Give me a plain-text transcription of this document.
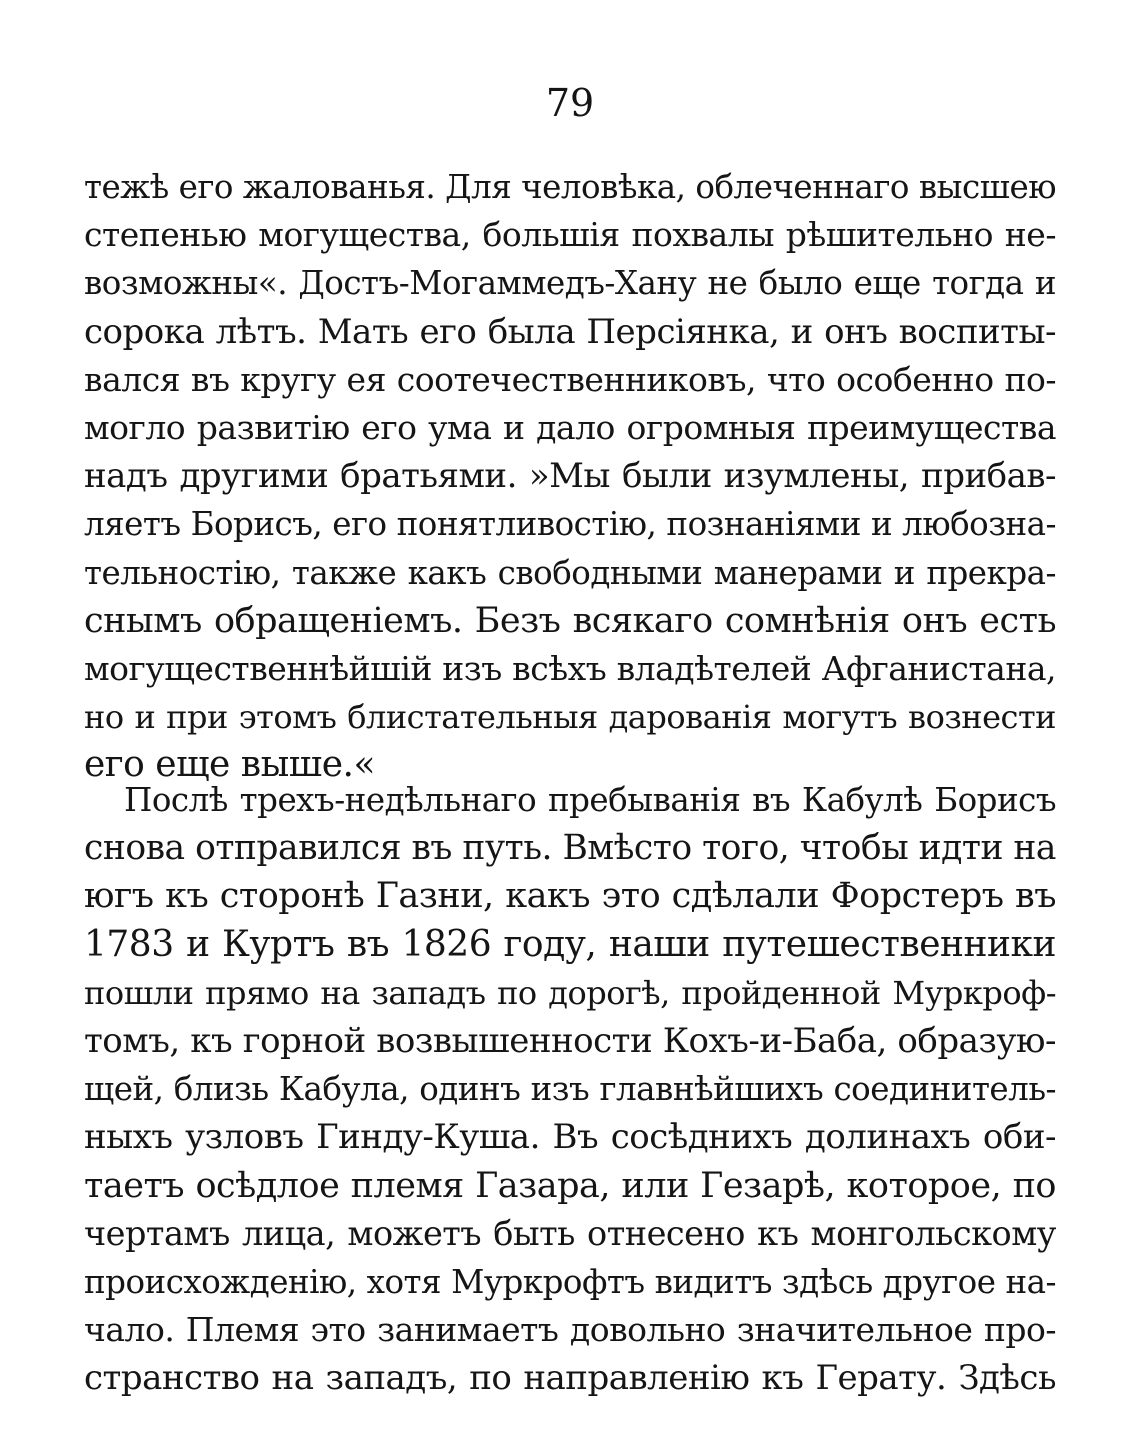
79
тежѣ его жалованья. Для человѣка, облеченнаго высшею
степенью могущества, большія похвалы рѣшительно не-
возможны«. Достъ-Могаммедъ-Хану не было еще тогда и
сорока лѣтъ. Мать его была Персіянка, и онъ воспиты-
вался въ кругу ея соотечественниковъ, что особенно по-
могло развитію его ума и дало огромныя преимущества
надъ другими братьями. »Мы были изумлены, прибав-
ляетъ Борисъ, его понятливостію, познаніями и любозна-
тельностію, также какъ свободными манерами и прекра-
снымъ обращеніемъ. Безъ всякаго сомнѣнія онъ есть
могущественнѣйшій изъ всѣхъ владѣтелей Афганистана,
но и при этомъ блистательныя дарованія могутъ вознести
его еще выше.«
Послѣ трехъ-недѣльнаго пребыванія въ Кабулѣ Борисъ
снова отправился въ путь. Вмѣсто того, чтобы идти на
югъ къ сторонѣ Газни, какъ это сдѣлали Форстеръ въ
1783 и Куртъ въ 1826 году, наши путешественники
пошли прямо на западъ по дорогѣ, пройденной Муркроф-
томъ, къ горной возвышенности Кохъ-и-Баба, образую-
щей, близь Кабула, одинъ изъ главнѣйшихъ соединитель-
ныхъ узловъ Гинду-Куша. Въ сосѣднихъ долинахъ оби-
таетъ осѣдлое племя Газара, или Гезарѣ, которое, по
чертамъ лица, можетъ быть отнесено къ монгольскому
происхожденію, хотя Муркрофтъ видитъ здѣсь другое на-
чало. Племя это занимаетъ довольно значительное про-
странство на западъ, по направленію къ Герату. Здѣсь
